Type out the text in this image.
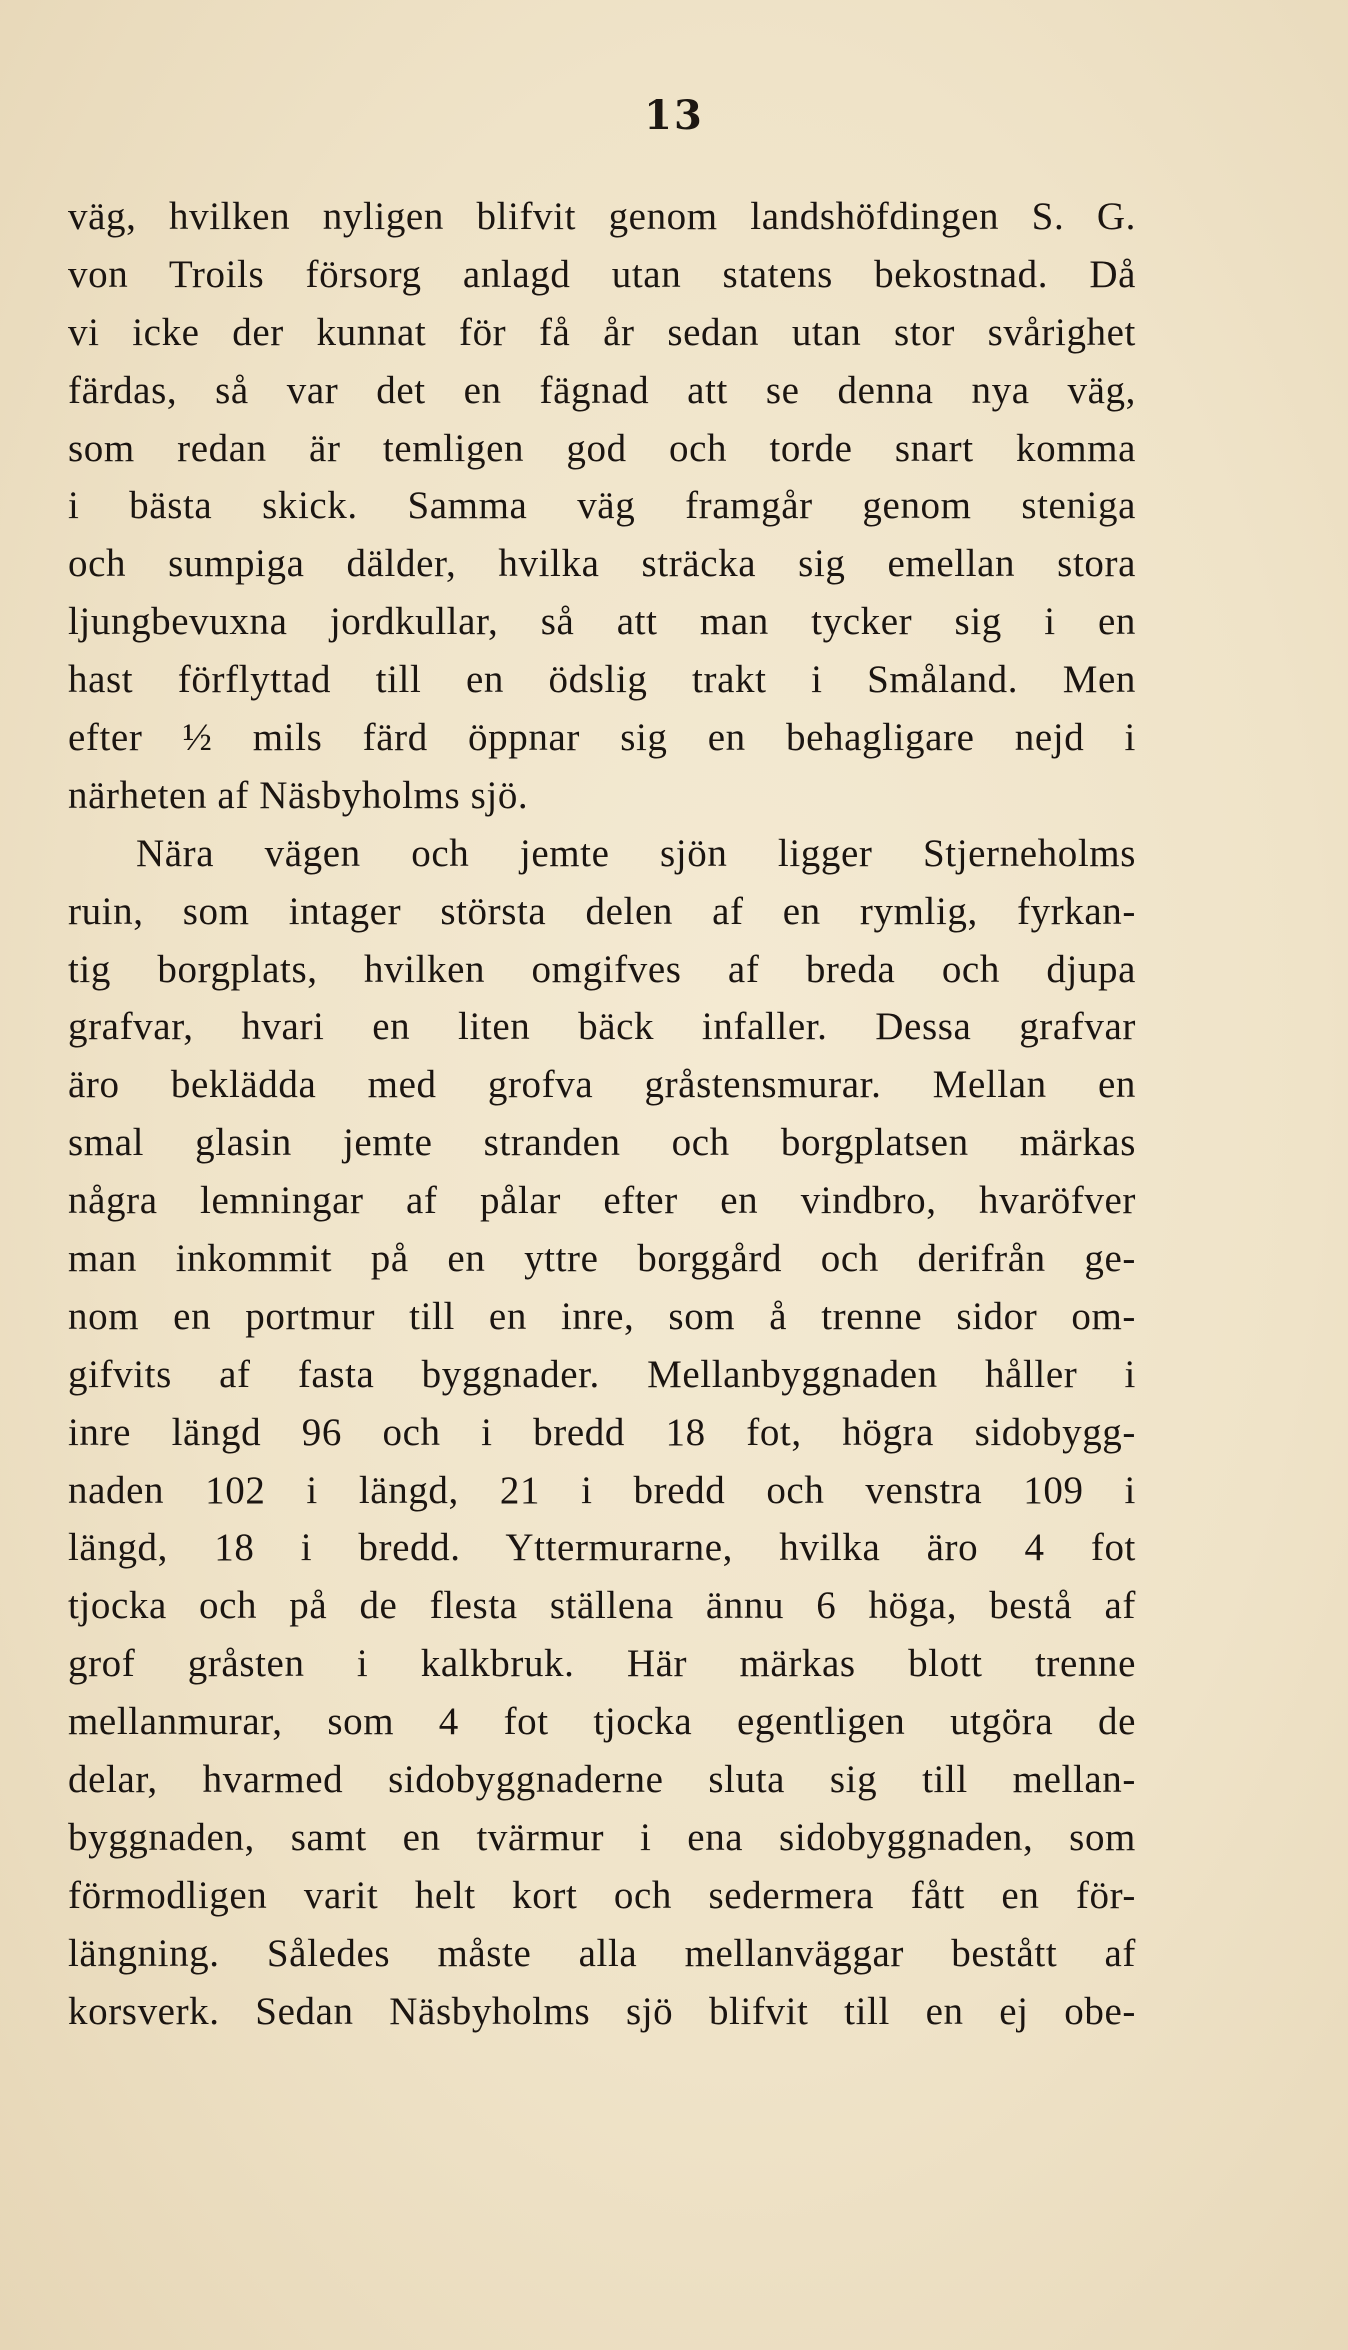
13
väg, hvilken nyligen blifvit genom landshöfdingen S. G.
von Troils försorg anlagd utan statens bekostnad. Då
vi icke der kunnat för få år sedan utan stor svårighet
färdas, så var det en fägnad att se denna nya väg,
som redan är temligen god och torde snart komma
i bästa skick. Samma väg framgår genom steniga
och sumpiga dälder, hvilka sträcka sig emellan stora
ljungbevuxna jordkullar, så att man tycker sig i en
hast förflyttad till en ödslig trakt i Småland. Men
efter ½ mils färd öppnar sig en behagligare nejd i
närheten af Näsbyholms sjö.
Nära vägen och jemte sjön ligger Stjerneholms
ruin, som intager största delen af en rymlig, fyrkan-
tig borgplats, hvilken omgifves af breda och djupa
grafvar, hvari en liten bäck infaller. Dessa grafvar
äro beklädda med grofva gråstensmurar. Mellan en
smal glasin jemte stranden och borgplatsen märkas
några lemningar af pålar efter en vindbro, hvaröfver
man inkommit på en yttre borggård och derifrån ge-
nom en portmur till en inre, som å trenne sidor om-
gifvits af fasta byggnader. Mellanbyggnaden håller i
inre längd 96 och i bredd 18 fot, högra sidobygg-
naden 102 i längd, 21 i bredd och venstra 109 i
längd, 18 i bredd. Yttermurarne, hvilka äro 4 fot
tjocka och på de flesta ställena ännu 6 höga, bestå af
grof gråsten i kalkbruk. Här märkas blott trenne
mellanmurar, som 4 fot tjocka egentligen utgöra de
delar, hvarmed sidobyggnaderne sluta sig till mellan-
byggnaden, samt en tvärmur i ena sidobyggnaden, som
förmodligen varit helt kort och sedermera fått en för-
längning. Således måste alla mellanväggar bestått af
korsverk. Sedan Näsbyholms sjö blifvit till en ej obe-
